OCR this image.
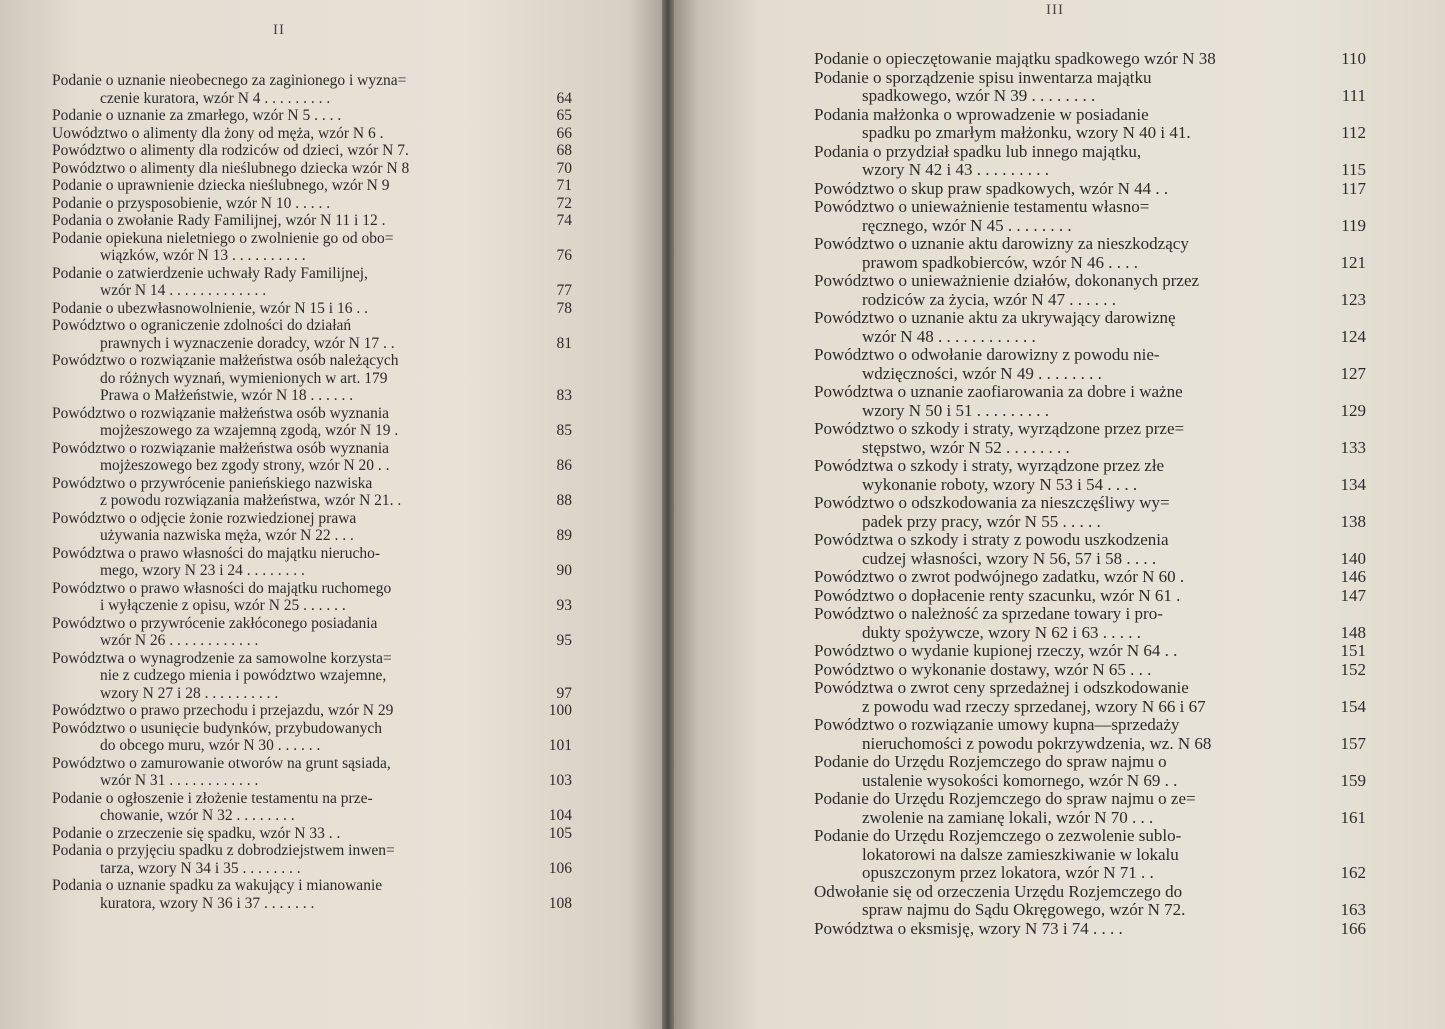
II
Podanie o uznanie nieobecnego za zaginionego i wyzna=
czenie kuratora, wzór N 4 . . . . . . . . .	64
Podanie o uznanie za zmarłego, wzór N 5 . . . .	65
Uowództwo o alimenty dla żony od męża, wzór N 6 .	66
Powództwo o alimenty dla rodziców od dzieci, wzór N 7.	68
Powództwo o alimenty dla nieślubnego dziecka wzór N 8	70
Podanie o uprawnienie dziecka nieślubnego, wzór N 9	71
Podanie o przysposobienie, wzór N 10 . . . . .	72
Podania o zwołanie Rady Familijnej, wzór N 11 i 12 .	74
Podanie opiekuna nieletniego o zwolnienie go od obo=
wiązków, wzór N 13 . . . . . . . . . .	76
Podanie o zatwierdzenie uchwały Rady Familijnej,
wzór N 14 . . . . . . . . . . . . .	77
Podanie o ubezwłasnowolnienie, wzór N 15 i 16 . .	78
Powództwo o ograniczenie zdolności do działań
prawnych i wyznaczenie doradcy, wzór N 17 . .	81
Powództwo o rozwiązanie małżeństwa osób należących
do różnych wyznań, wymienionych w art. 179
Prawa o Małżeństwie, wzór N 18 . . . . . .	83
Powództwo o rozwiązanie małżeństwa osób wyznania
mojżeszowego za wzajemną zgodą, wzór N 19 .	85
Powództwo o rozwiązanie małżeństwa osób wyznania
mojżeszowego bez zgody strony, wzór N 20 . .	86
Powództwo o przywrócenie panieńskiego nazwiska
z powodu rozwiązania małżeństwa, wzór N 21. .	88
Powództwo o odjęcie żonie rozwiedzionej prawa
używania nazwiska męża, wzór N 22 . . .	89
Powództwa o prawo własności do majątku nierucho-
mego, wzory N 23 i 24 . . . . . . . .	90
Powództwo o prawo własności do majątku ruchomego
i wyłączenie z opisu, wzór N 25 . . . . . .	93
Powództwo o przywrócenie zakłóconego posiadania
wzór N 26 . . . . . . . . . . . .	95
Powództwa o wynagrodzenie za samowolne korzysta=
nie z cudzego mienia i powództwo wzajemne,
wzory N 27 i 28 . . . . . . . . . .	97
Powództwo o prawo przechodu i przejazdu, wzór N 29	100
Powództwo o usunięcie budynków, przybudowanych
do obcego muru, wzór N 30 . . . . . .	101
Powództwo o zamurowanie otworów na grunt sąsiada,
wzór N 31 . . . . . . . . . . . .	103
Podanie o ogłoszenie i złożenie testamentu na prze-
chowanie, wzór N 32 . . . . . . . .	104
Podanie o zrzeczenie się spadku, wzór N 33 . .	105
Podania o przyjęciu spadku z dobrodziejstwem inwen=
tarza, wzory N 34 i 35 . . . . . . . .	106
Podania o uznanie spadku za wakujący i mianowanie
kuratora, wzory N 36 i 37 . . . . . . .	108
III
Podanie o opieczętowanie majątku spadkowego wzór N 38	110
Podanie o sporządzenie spisu inwentarza majątku
spadkowego, wzór N 39 . . . . . . . .	111
Podania małżonka o wprowadzenie w posiadanie
spadku po zmarłym małżonku, wzory N 40 i 41.	112
Podania o przydział spadku lub innego majątku,
wzory N 42 i 43 . . . . . . . . .	115
Powództwo o skup praw spadkowych, wzór N 44 . .	117
Powództwo o unieważnienie testamentu własno=
ręcznego, wzór N 45 . . . . . . . .	119
Powództwo o uznanie aktu darowizny za nieszkodzący
prawom spadkobierców, wzór N 46 . . . .	121
Powództwo o unieważnienie działów, dokonanych przez
rodziców za życia, wzór N 47 . . . . . .	123
Powództwo o uznanie aktu za ukrywający darowiznę
wzór N 48 . . . . . . . . . . . .	124
Powództwo o odwołanie darowizny z powodu nie-
wdzięczności, wzór N 49 . . . . . . . .	127
Powództwa o uznanie zaofiarowania za dobre i ważne
wzory N 50 i 51 . . . . . . . . .	129
Powództwo o szkody i straty, wyrządzone przez prze=
stępstwo, wzór N 52 . . . . . . . .	133
Powództwa o szkody i straty, wyrządzone przez złe
wykonanie roboty, wzory N 53 i 54 . . . .	134
Powództwo o odszkodowania za nieszczęśliwy wy=
padek przy pracy, wzór N 55 . . . . .	138
Powództwa o szkody i straty z powodu uszkodzenia
cudzej własności, wzory N 56, 57 i 58 . . . .	140
Powództwo o zwrot podwójnego zadatku, wzór N 60 .	146
Powództwo o dopłacenie renty szacunku, wzór N 61 .	147
Powództwo o należność za sprzedane towary i pro-
dukty spożywcze, wzory N 62 i 63 . . . . .	148
Powództwo o wydanie kupionej rzeczy, wzór N 64 . .	151
Powództwo o wykonanie dostawy, wzór N 65 . . .	152
Powództwa o zwrot ceny sprzedażnej i odszkodowanie
z powodu wad rzeczy sprzedanej, wzory N 66 i 67	154
Powództwo o rozwiązanie umowy kupna—sprzedaży
nieruchomości z powodu pokrzywdzenia, wz. N 68	157
Podanie do Urzędu Rozjemczego do spraw najmu o
ustalenie wysokości komornego, wzór N 69 . .	159
Podanie do Urzędu Rozjemczego do spraw najmu o ze=
zwolenie na zamianę lokali, wzór N 70 . . .	161
Podanie do Urzędu Rozjemczego o zezwolenie sublo-
lokatorowi na dalsze zamieszkiwanie w lokalu
opuszczonym przez lokatora, wzór N 71 . .	162
Odwołanie się od orzeczenia Urzędu Rozjemczego do
spraw najmu do Sądu Okręgowego, wzór N 72.	163
Powództwa o eksmisję, wzory N 73 i 74 . . . .	166
